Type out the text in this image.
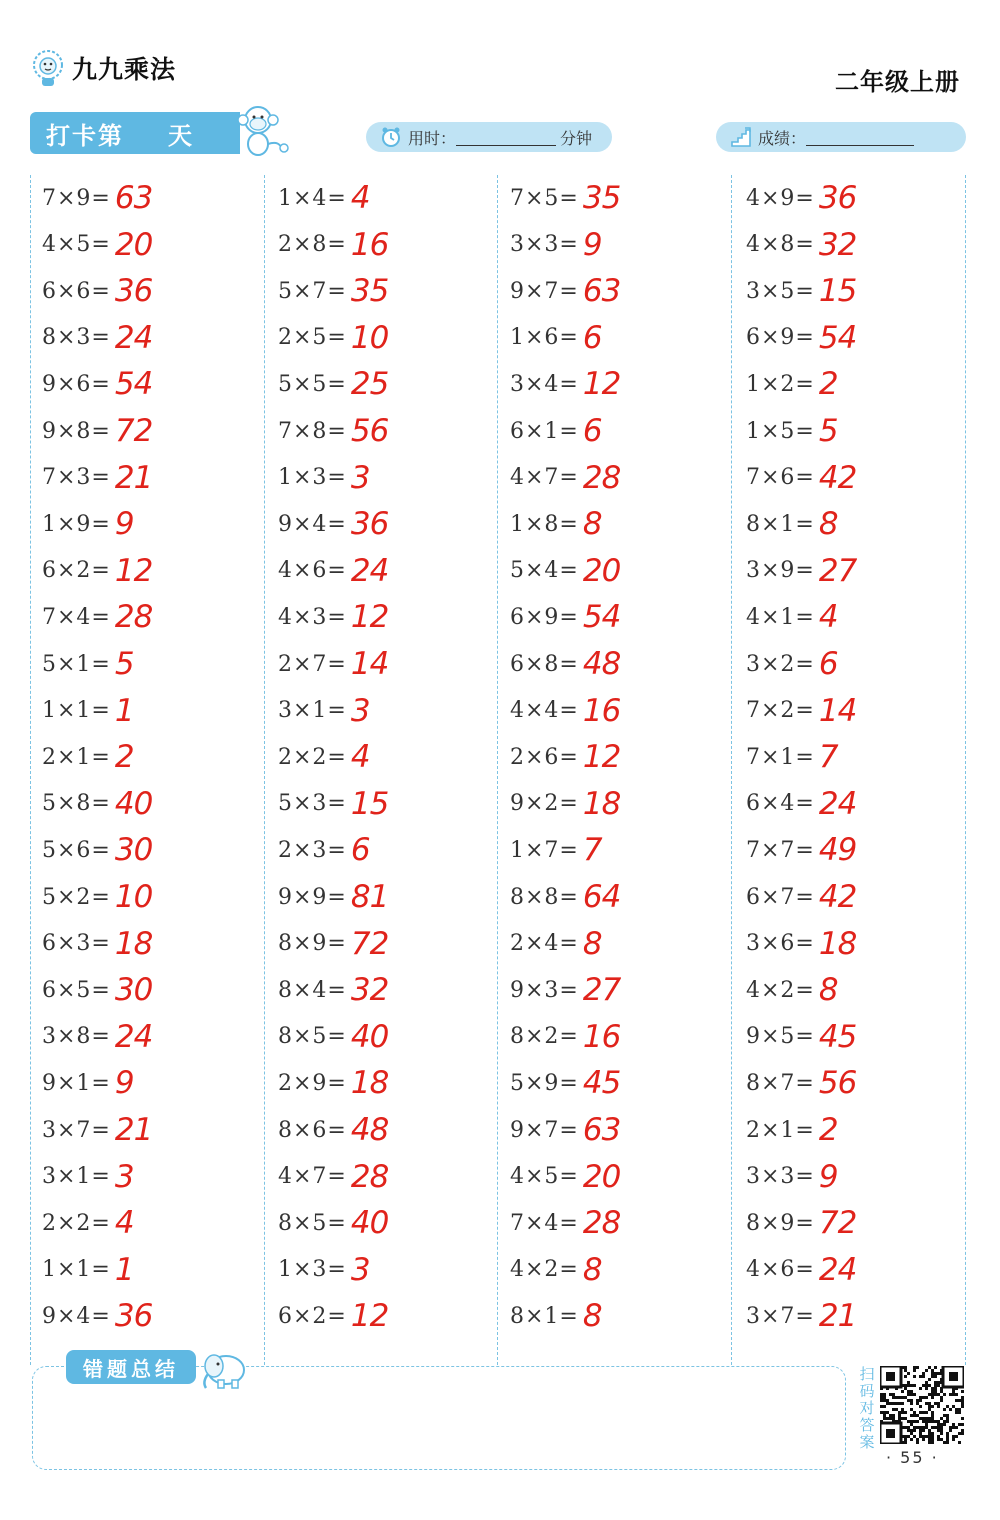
九九乘法	二年级上册
打卡第 天	用时：	分钟	成绩：
7×9= 63
4×5= 20
6×6= 36
8×3= 24
9×6= 54
9×8= 72
7×3= 21
1×9= 9
6×2= 12
7×4= 28
5×1= 5
1×1= 1
2×1= 2
5×8= 40
5×6= 30
5×2= 10
6×3= 18
6×5= 30
3×8= 24
9×1= 9
3×7= 21
3×1= 3
2×2= 4
1×1= 1
9×4= 36
1×4= 4
2×8= 16
5×7= 35
2×5= 10
5×5= 25
7×8= 56
1×3= 3
9×4= 36
4×6= 24
4×3= 12
2×7= 14
3×1= 3
2×2= 4
5×3= 15
2×3= 6
9×9= 81
8×9= 72
8×4= 32
8×5= 40
2×9= 18
8×6= 48
4×7= 28
8×5= 40
1×3= 3
6×2= 12
7×5= 35
3×3= 9
9×7= 63
1×6= 6
3×4= 12
6×1= 6
4×7= 28
1×8= 8
5×4= 20
6×9= 54
6×8= 48
4×4= 16
2×6= 12
9×2= 18
1×7= 7
8×8= 64
2×4= 8
9×3= 27
8×2= 16
5×9= 45
9×7= 63
4×5= 20
7×4= 28
4×2= 8
8×1= 8
4×9= 36
4×8= 32
3×5= 15
6×9= 54
1×2= 2
1×5= 5
7×6= 42
8×1= 8
3×9= 27
4×1= 4
3×2= 6
7×2= 14
7×1= 7
6×4= 24
7×7= 49
6×7= 42
3×6= 18
4×2= 8
9×5= 45
8×7= 56
2×1= 2
3×3= 9
8×9= 72
4×6= 24
3×7= 21
错题总结	扫码对答案
· 55 ·
